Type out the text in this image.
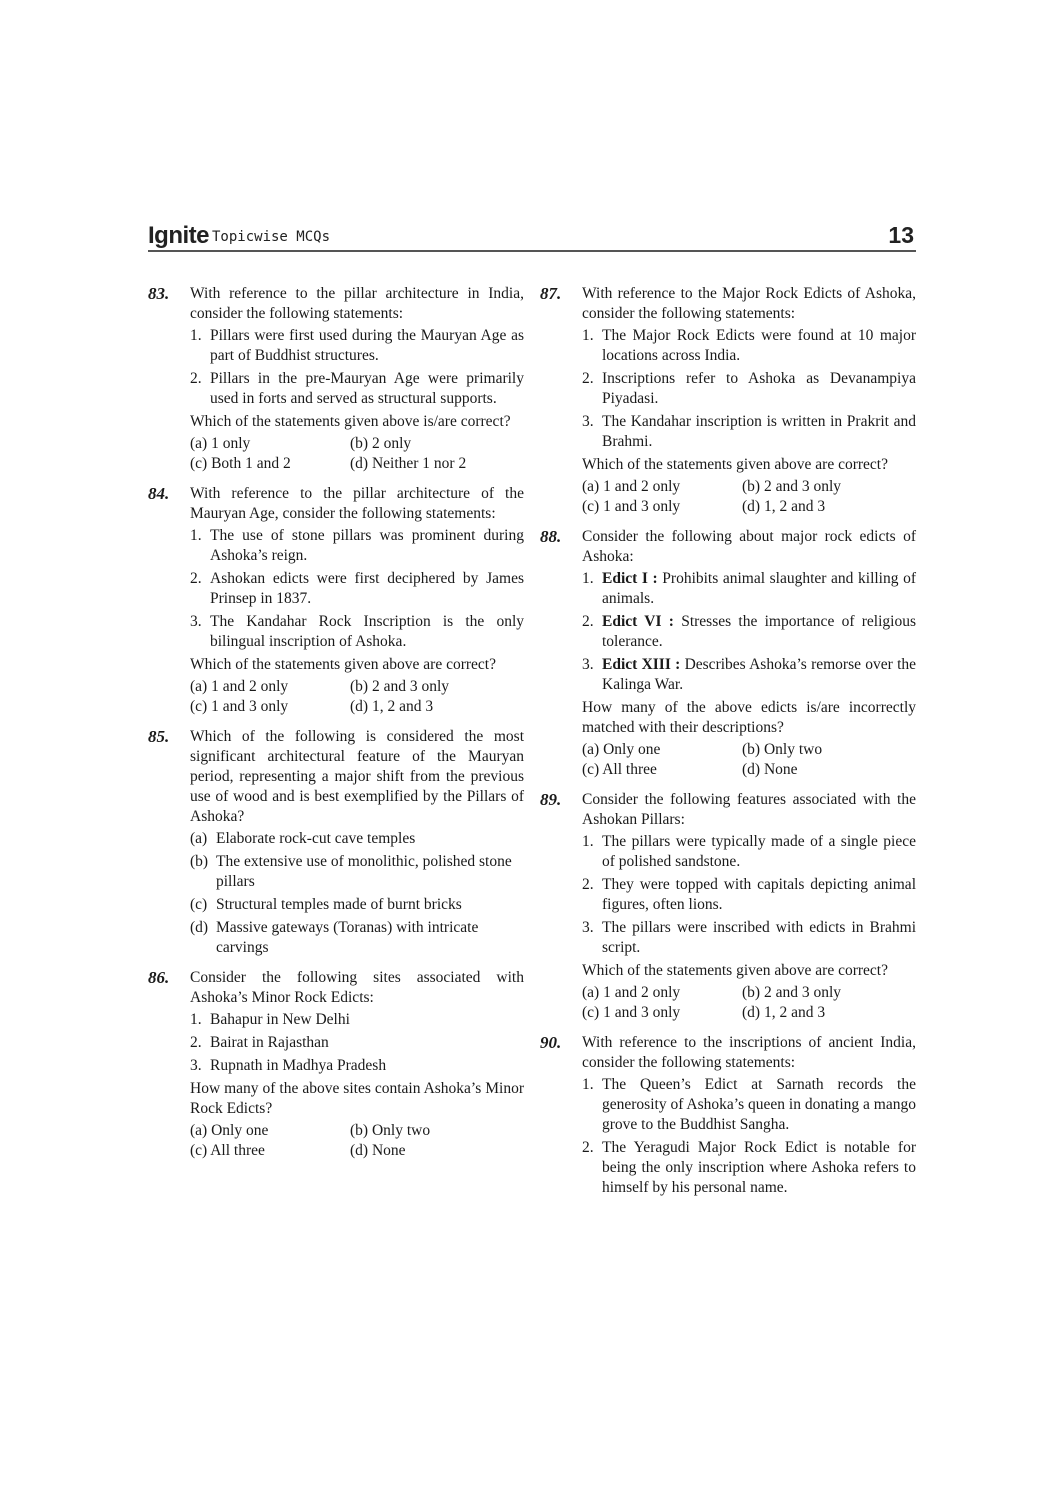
Ignite Topicwise MCQs	13
83. With reference to the pillar architecture in India, consider the following statements:
1. Pillars were first used during the Mauryan Age as part of Buddhist structures.
2. Pillars in the pre-Mauryan Age were primarily used in forts and served as structural supports.
Which of the statements given above is/are correct?
(a) 1 only	(b) 2 only
(c) Both 1 and 2	(d) Neither 1 nor 2
84. With reference to the pillar architecture of the Mauryan Age, consider the following statements:
1. The use of stone pillars was prominent during Ashoka’s reign.
2. Ashokan edicts were first deciphered by James Prinsep in 1837.
3. The Kandahar Rock Inscription is the only bilingual inscription of Ashoka.
Which of the statements given above are correct?
(a) 1 and 2 only	(b) 2 and 3 only
(c) 1 and 3 only	(d) 1, 2 and 3
85. Which of the following is considered the most significant architectural feature of the Mauryan period, representing a major shift from the previous use of wood and is best exemplified by the Pillars of Ashoka?
(a) Elaborate rock-cut cave temples
(b) The extensive use of monolithic, polished stone pillars
(c) Structural temples made of burnt bricks
(d) Massive gateways (Toranas) with intricate carvings
86. Consider the following sites associated with Ashoka’s Minor Rock Edicts:
1. Bahapur in New Delhi
2. Bairat in Rajasthan
3. Rupnath in Madhya Pradesh
How many of the above sites contain Ashoka’s Minor Rock Edicts?
(a) Only one	(b) Only two
(c) All three	(d) None
87. With reference to the Major Rock Edicts of Ashoka, consider the following statements:
1. The Major Rock Edicts were found at 10 major locations across India.
2. Inscriptions refer to Ashoka as Devanampiya Piyadasi.
3. The Kandahar inscription is written in Prakrit and Brahmi.
Which of the statements given above are correct?
(a) 1 and 2 only	(b) 2 and 3 only
(c) 1 and 3 only	(d) 1, 2 and 3
88. Consider the following about major rock edicts of Ashoka:
1. Edict I : Prohibits animal slaughter and killing of animals.
2. Edict VI : Stresses the importance of religious tolerance.
3. Edict XIII : Describes Ashoka’s remorse over the Kalinga War.
How many of the above edicts is/are incorrectly matched with their descriptions?
(a) Only one	(b) Only two
(c) All three	(d) None
89. Consider the following features associated with the Ashokan Pillars:
1. The pillars were typically made of a single piece of polished sandstone.
2. They were topped with capitals depicting animal figures, often lions.
3. The pillars were inscribed with edicts in Brahmi script.
Which of the statements given above are correct?
(a) 1 and 2 only	(b) 2 and 3 only
(c) 1 and 3 only	(d) 1, 2 and 3
90. With reference to the inscriptions of ancient India, consider the following statements:
1. The Queen’s Edict at Sarnath records the generosity of Ashoka’s queen in donating a mango grove to the Buddhist Sangha.
2. The Yeragudi Major Rock Edict is notable for being the only inscription where Ashoka refers to himself by his personal name.
